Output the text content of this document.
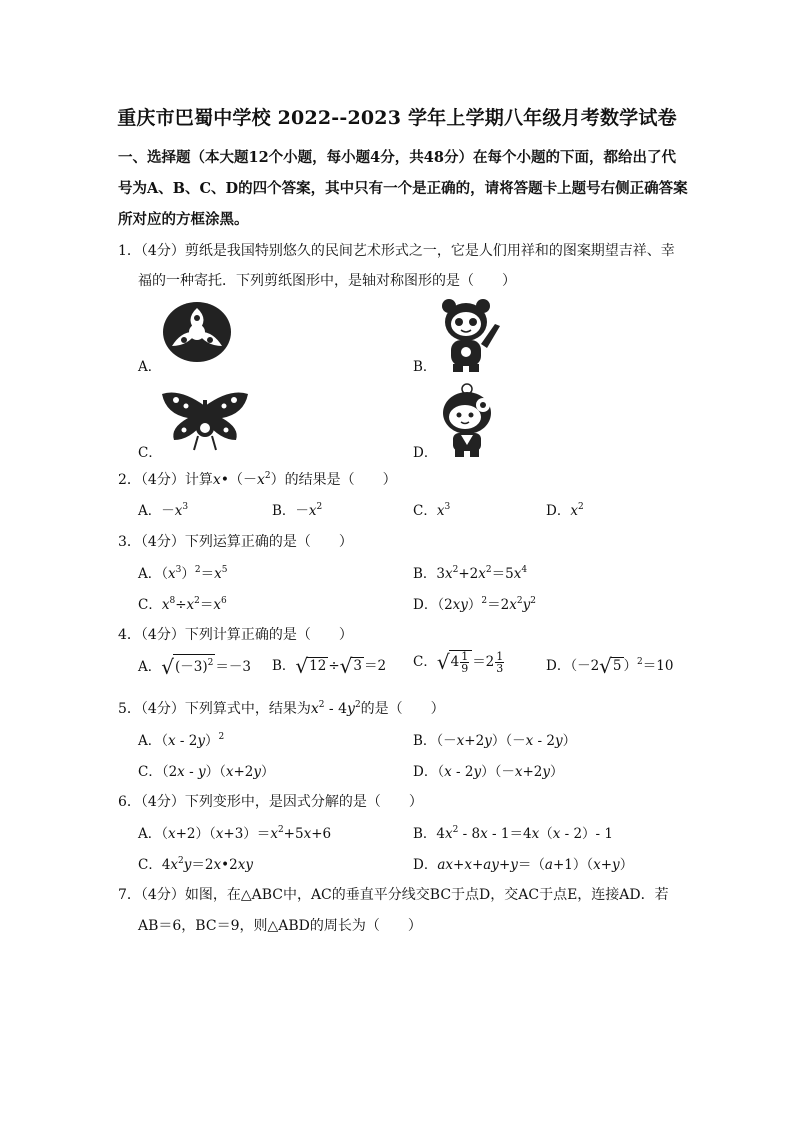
重庆市巴蜀中学校 2022--2023 学年上学期八年级月考数学试卷
一、选择题（本大题12个小题，每小题4分，共48分）在每个小题的下面，都给出了代
号为A、B、C、D的四个答案，其中只有一个是正确的，请将答题卡上题号右侧正确答案
所对应的方框涂黑。
1．（4分）剪纸是我国特别悠久的民间艺术形式之一，它是人们用祥和的图案期望吉祥、幸
福的一种寄托．下列剪纸图形中，是轴对称图形的是（　　）
A．	B．
C．	D．
2．（4分）计算$x•(-x^2)$的结果是（　　）
A．$-x^3$	B．$-x^2$	C．$x^3$	D．$x^2$
3．（4分）下列运算正确的是（　　）
A．$(x^3)^2=x^5$	B．$3x^2+2x^2=5x^4$
C．$x^8\div x^2=x^6$	D．$(2xy)^2=2x^2y^2$
4．（4分）下列计算正确的是（　　）
A．$√(-3)^2 =-3$ B．√12 ÷√3 ＝2 C．$√4 \frac{1}{9} =2 \frac{1}{3}$	D．（－2√5 ）$^2$＝10
5．（4分）下列算式中，结果为$x^2 - 4y^2$的是（　　）
A．（x - 2y）$^2$	B．（－x+2y）（－x - 2y）
C．（2x - y）（x+2y）	D．（x - 2y）（－x+2y）
6．（4分）下列变形中，是因式分解的是（　　）
A．$(x+2)(x+3)=x^2+5x+6$	B．$4x^2 - 8x - 1=4x(x - 2)-$ 1
C．$4x^2y=2x•2xy$	D．ax+x+ay+y＝（a+1）（x+y）
7．（4分）如图，在△ABC中，AC的垂直平分线交BC于点D，交AC于点E，连接AD．若
AB＝6，BC＝9，则△ABD的周长为（　　）
